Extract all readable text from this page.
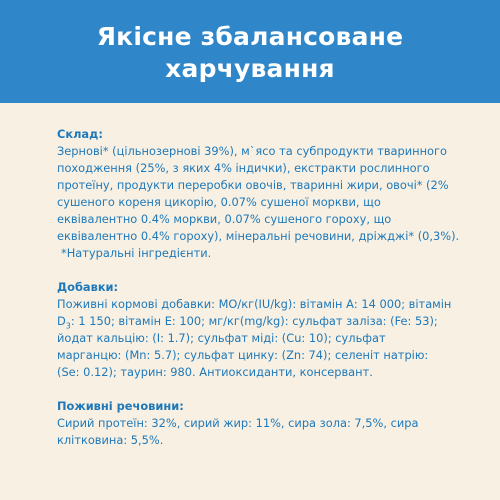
Якісне збалансоване
харчування
Склад:
Зернові* (цільнозернові 39%), м`ясо та субпродукти тваринного
походження (25%, з яких 4% індички), екстракти рослинного
протеїну, продукти переробки овочів, тваринні жири, овочі* (2%
сушеного кореня цикорію, 0.07% сушеної моркви, що
еквівалентно 0.4% моркви, 0.07% сушеного гороху, що
еквівалентно 0.4% гороху), мінеральні речовини, дріжджі* (0,3%).
*Натуральні інгредієнти.
Добавки:
Поживні кормові добавки: МО/кг(IU/kg): вітамін А: 14 000; вітамін
$D_3$: 1 150; вітамін Е: 100; мг/кг(mg/kg): сульфат заліза: (Fe: 53);
йодат кальцію: (I: 1.7); сульфат міді: (Cu: 10); сульфат
марганцю: (Mn: 5.7); сульфат цинку: (Zn: 74); селеніт натрію:
(Se: 0.12); таурин: 980. Антиоксиданти, консервант.
Поживні речовини:
Сирий протеїн: 32%, сирий жир: 11%, сира зола: 7,5%, сира
клітковина: 5,5%.
